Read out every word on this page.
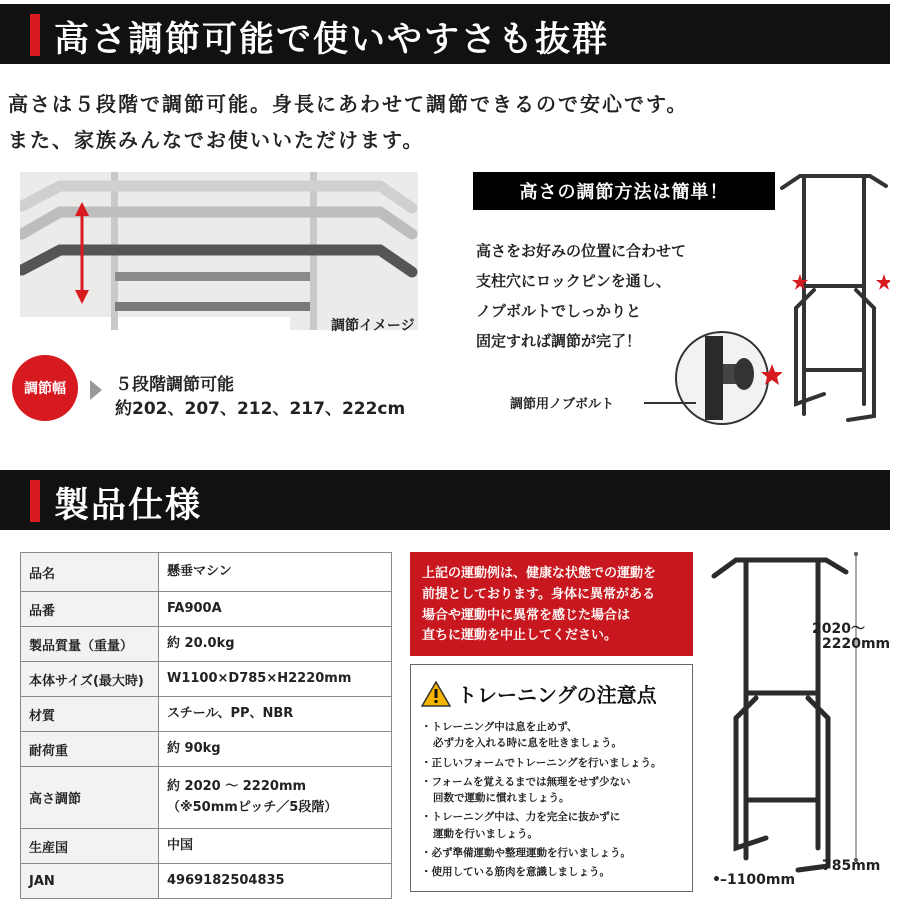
高さ調節可能で使いやすさも抜群
高さは５段階で調節可能。身長にあわせて調節できるので安心です。
また、家族みんなでお使いいただけます。
調節イメージ
調節幅	５段階調節可能
約202、207、212、217、222cm
高さの調節方法は簡単！
高さをお好みの位置に合わせて
支柱穴にロックピンを通し、
ノブボルトでしっかりと
固定すれば調節が完了！
調節用ノブボルト
製品仕様
品名	懸垂マシン
品番	FA900A
製品質量（重量）	約 20.0kg
本体サイズ(最大時)	W1100×D785×H2220mm
材質	スチール、PP、NBR
耐荷重	約 90kg
高さ調節	約 2020 ～ 2220mm
（※50mmピッチ／5段階）

生産国	中国
JAN	4969182504835
上記の運動例は、健康な状態での運動を
前提としております。身体に異常がある
場合や運動中に異常を感じた場合は
直ちに運動を中止してください。
トレーニングの注意点
・トレーニング中は息を止めず、
必ず力を入れる時に息を吐きましょう。
・正しいフォームでトレーニングを行いましょう。
・フォームを覚えるまでは無理をせず少ない
回数で運動に慣れましょう。
・トレーニング中は、力を完全に抜かずに
運動を行いましょう。
・必ず準備運動や整理運動を行いましょう。
・使用している筋肉を意識しましょう。
2020～
2220mm
785mm
•–1100mm
